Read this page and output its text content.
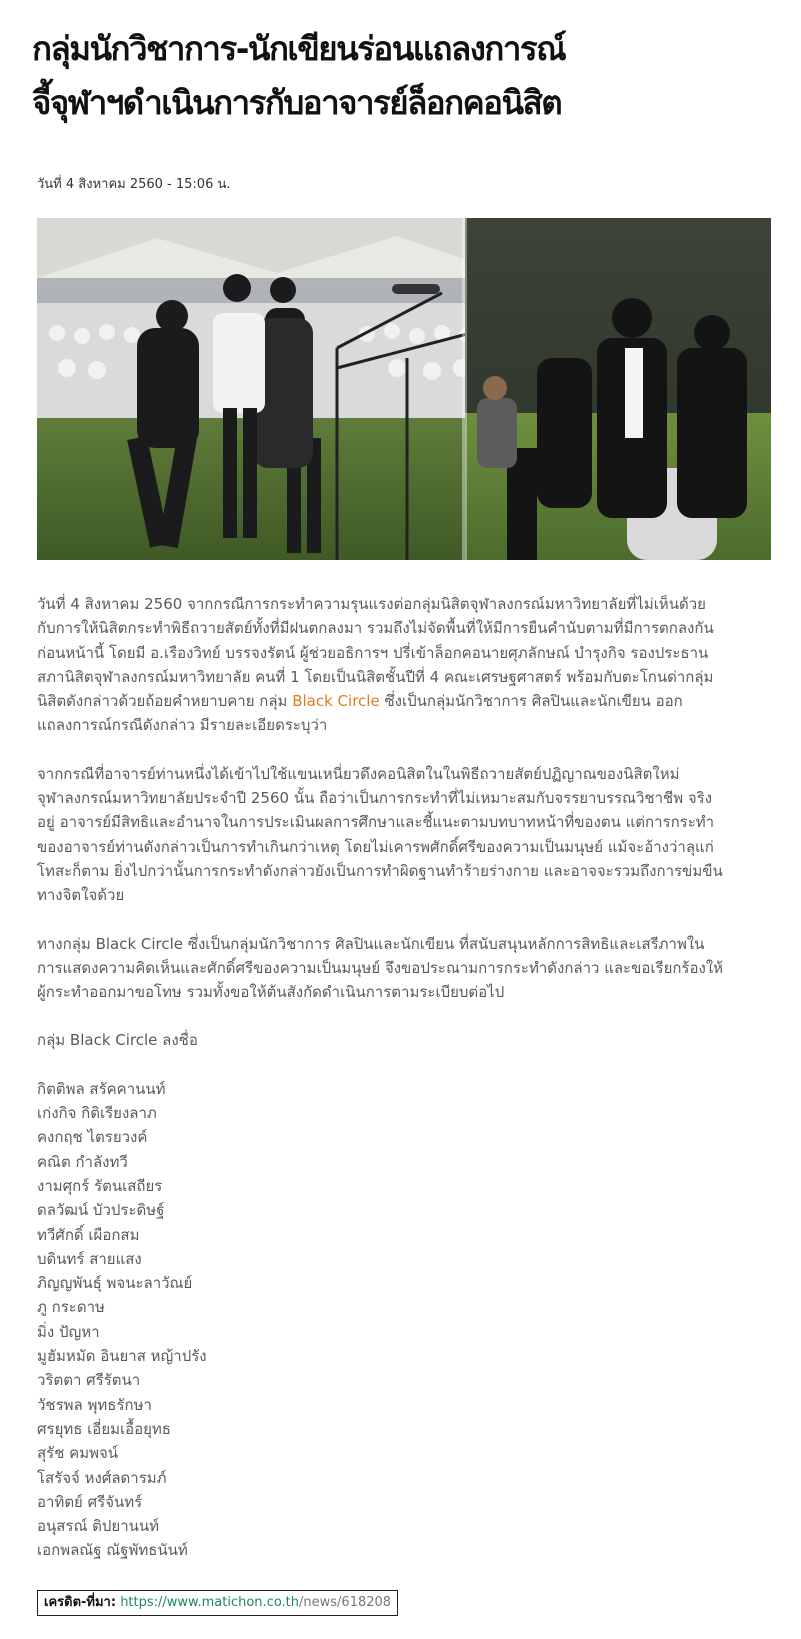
กลุ่มนักวิชาการ-นักเขียนร่อนแถลงการณ์
จี้จุฬาฯดำเนินการกับอาจารย์ล็อกคอนิสิต
วันที่ 4 สิงหาคม 2560 - 15:06 น.

วันที่ 4 สิงหาคม 2560 จากกรณีการกระทำความรุนแรงต่อกลุ่มนิสิตจุฬาลงกรณ์มหาวิทยาลัยที่ไม่เห็นด้วย
กับการให้นิสิตกระทำพิธีถวายสัตย์ทั้งที่มีฝนตกลงมา รวมถึงไม่จัดพื้นที่ให้มีการยืนคำนับตามที่มีการตกลงกัน
ก่อนหน้านี้ โดยมี อ.เรืองวิทย์ บรรจงรัตน์ ผู้ช่วยอธิการฯ ปรี่เข้าล็อกคอนายศุภลักษณ์ บำรุงกิจ รองประธาน
สภานิสิตจุฬาลงกรณ์มหาวิทยาลัย คนที่ 1 โดยเป็นนิสิตชั้นปีที่ 4 คณะเศรษฐศาสตร์ พร้อมกับตะโกนด่ากลุ่ม
นิสิตดังกล่าวด้วยถ้อยคำหยาบคาย กลุ่ม Black Circle ซึ่งเป็นกลุ่มนักวิชาการ ศิลปินและนักเขียน ออก
แถลงการณ์กรณีดังกล่าว มีรายละเอียดระบุว่า

จากกรณีที่อาจารย์ท่านหนึ่งได้เข้าไปใช้แขนเหนี่ยวดึงคอนิสิตในในพิธีถวายสัตย์ปฏิญาณของนิสิตใหม่
จุฬาลงกรณ์มหาวิทยาลัยประจำปี 2560 นั้น ถือว่าเป็นการกระทำที่ไม่เหมาะสมกับจรรยาบรรณวิชาชีพ จริง
อยู่ อาจารย์มีสิทธิและอำนาจในการประเมินผลการศึกษาและชี้แนะตามบทบาทหน้าที่ของตน แต่การกระทำ
ของอาจารย์ท่านดังกล่าวเป็นการทำเกินกว่าเหตุ โดยไม่เคารพศักดิ์ศรีของความเป็นมนุษย์ แม้จะอ้างว่าลุแก่
โทสะก็ตาม ยิ่งไปกว่านั้นการกระทำดังกล่าวยังเป็นการทำผิดฐานทำร้ายร่างกาย และอาจจะรวมถึงการข่มขืน
ทางจิตใจด้วย

ทางกลุ่ม Black Circle ซึ่งเป็นกลุ่มนักวิชาการ ศิลปินและนักเขียน ที่สนับสนุนหลักการสิทธิและเสรีภาพใน
การแสดงความคิดเห็นและศักดิ์ศรีของความเป็นมนุษย์ จึงขอประณามการกระทำดังกล่าว และขอเรียกร้องให้
ผู้กระทำออกมาขอโทษ รวมทั้งขอให้ต้นสังกัดดำเนินการตามระเบียบต่อไป

กลุ่ม Black Circle ลงชื่อ

กิตติพล สรัคคานนท์
เก่งกิจ กิติเรียงลาภ
คงกฤช ไตรยวงค์
คณิต กำลังทวี
งามศุกร์ รัตนเสถียร
ดลวัฒน์ บัวประดิษฐ์
ทวีศักดิ์ เผือกสม
บดินทร์ สายแสง
ภิญญพันธุ์ พจนะลาวัณย์
ภู กระดาษ
มิ่ง ปัญหา
มูฮัมหมัด อินยาส หญ้าปรัง
วริตตา ศรีรัตนา
วัชรพล พุทธรักษา
ศรยุทธ เอี่ยมเอื้อยุทธ
สุรัช คมพจน์
โสรัจจ์ หงศ์ลดารมภ์
อาทิตย์ ศรีจันทร์
อนุสรณ์ ติปยานนท์
เอกพลณัฐ ณัฐพัทธนันท์
เครดิต-ที่มา: https://www.matichon.co.th/news/618208
